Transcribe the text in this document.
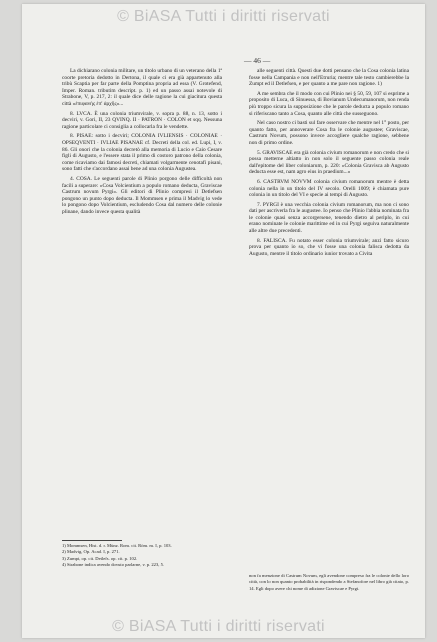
© BiASA Tutti i diritti riservati
— 46 —

La dichiarano colonia militare, un titolo urbano di un veterano della 1ª coorte pretoria dedotto in Dertona, il quale ci era già appartenuto alla tribù Scaptia per far parte della Pomptina propria ad essa (V. Grotefend, Imper. Roman. tributim descript. p. 1) ed un passo assai notevole di Strabone, V, p. 217, 2: il quale dice delle ragione la cui giacitura questa città «ἐπιφανὴς ἐπ' ἀρχῆς»...

8. LVCA. È una colonia triumvirale, v. sopra p. 88, n. 13, sotto i decviri, v. Gori, II, 23 QVINQ. II · PATRON · COLON et sqq. Nessuna ragione particolare ci consiglia a collocarla fra le vendette.

8. PISAE: sotto i decviri; COLONIA IVLIENSIS · COLONIAE · OPSEQVENTI · IVLIAE PISANAE cf. Decreti della col. ed. Lupi, I, v. 86. Gli onori che la colonia decretò alla memoria di Lucio e Caio Cesare figli di Augusto, e l'essere stata il primo di costoro patrono della colonia, come ricaviamo dai famosi decreti, chiamati volgarmente cenotafi pisani, sono fatti che s'accordano assai bene ad una colonia Augustea.

4. COSA. Le seguenti parole di Plinio porgono delle difficoltà non facili a superare: «Cosa Volcientium a populo romano deducta, Graviscae Castrum novum Pyrgi». Gli editori di Plinio compresi il Detlefsen pongono un punto dopo deducta. Il Mommsen e prima il Madvig lo vede lo pongono dopo Volcientium, escludendo Cosa dal numero delle colonie plinane, dando invece questa qualità

alle seguenti città. Questi due dotti pensano che la Cosa colonia latina fosse nella Campania e non nell'Etruria; mentre tale testo cambierebbe la Zumpt ed il Detlefsen, e per quanto a me pare non ragione. 1)

A me sembra che il modo con cui Plinio nei § 50, 59, 107 si esprime a proposito di Luca, di Sinuessa, di Bovianum Undecumanorum, non renda più troppo sicura la supposizione che le parole deducta a populo romano si riferiscano tanto a Cosa, quanto alle città che susseguono.

Nel caso nostro ci basti sul fare osservare che mentre nel 1° posto, per quanto fatto, per annoverare Cosa fra le colonie augustee; Graviscae, Castrum Novum, possono invece accogliere qualche ragione, sebbene non di primo ordine.

5. GRAVISCAE era già colonia civium romanorum e non credo che si possa metterne altiatto in non solo il seguente passo colonia reale dall'epitome del liber coloniarum, p. 220: «Colonia Gravisca ab Augusto deducta esse est, nam agro eius in praedium...»

6. CASTRVM NOVVM colonia civium romanorum mentre è detta colonia nella in un titolo del IV secolo. Orelli 1009; è chiamata pure colonia in un titolo del VI e specie ai tempi di Augusto.

7. PYRGI è una vecchia colonia civium romanorum, ma non ci sono dati per ascriverla fra le augustee. Io penso che Plinio l'abbia nominata fra le colonie quasi senza accorgersene, tenendo dietro al periplo, in cui erano nominate le colonie marittime ed in cui Pyrgi seguiva naturalmente alle altre due precedenti.

8. FALISCA. Fu notato esser colonia triumvirale; anzi fatto sicuro prova per quanto io so, che vi fosse una colonia falisca dedotta da Augusto, mentre il titolo ordinario iunior trovato a Civita

1) Mommsen, Hist. d. r. Münz. Rom. cit. Röm. m. I, p. 103.
2) Madvig, Op. Acad. I, p. 271.
3) Zumpt, op. cit. Detlefs. op. cit. p. 102.
4) Strabone indica avendo dovuto parlarne, v. p. 223, 5.
non fa menzione di Castrum Novum, egli avendone compreso fra le colonie dello loro città, con lo non quanto probabilità in rispondendo a Stefanofore nel libro già citato, p. 14. Egli dopo avere chi nome di adizione Graviscae e Pyrgi.
© BiASA Tutti i diritti riservati
